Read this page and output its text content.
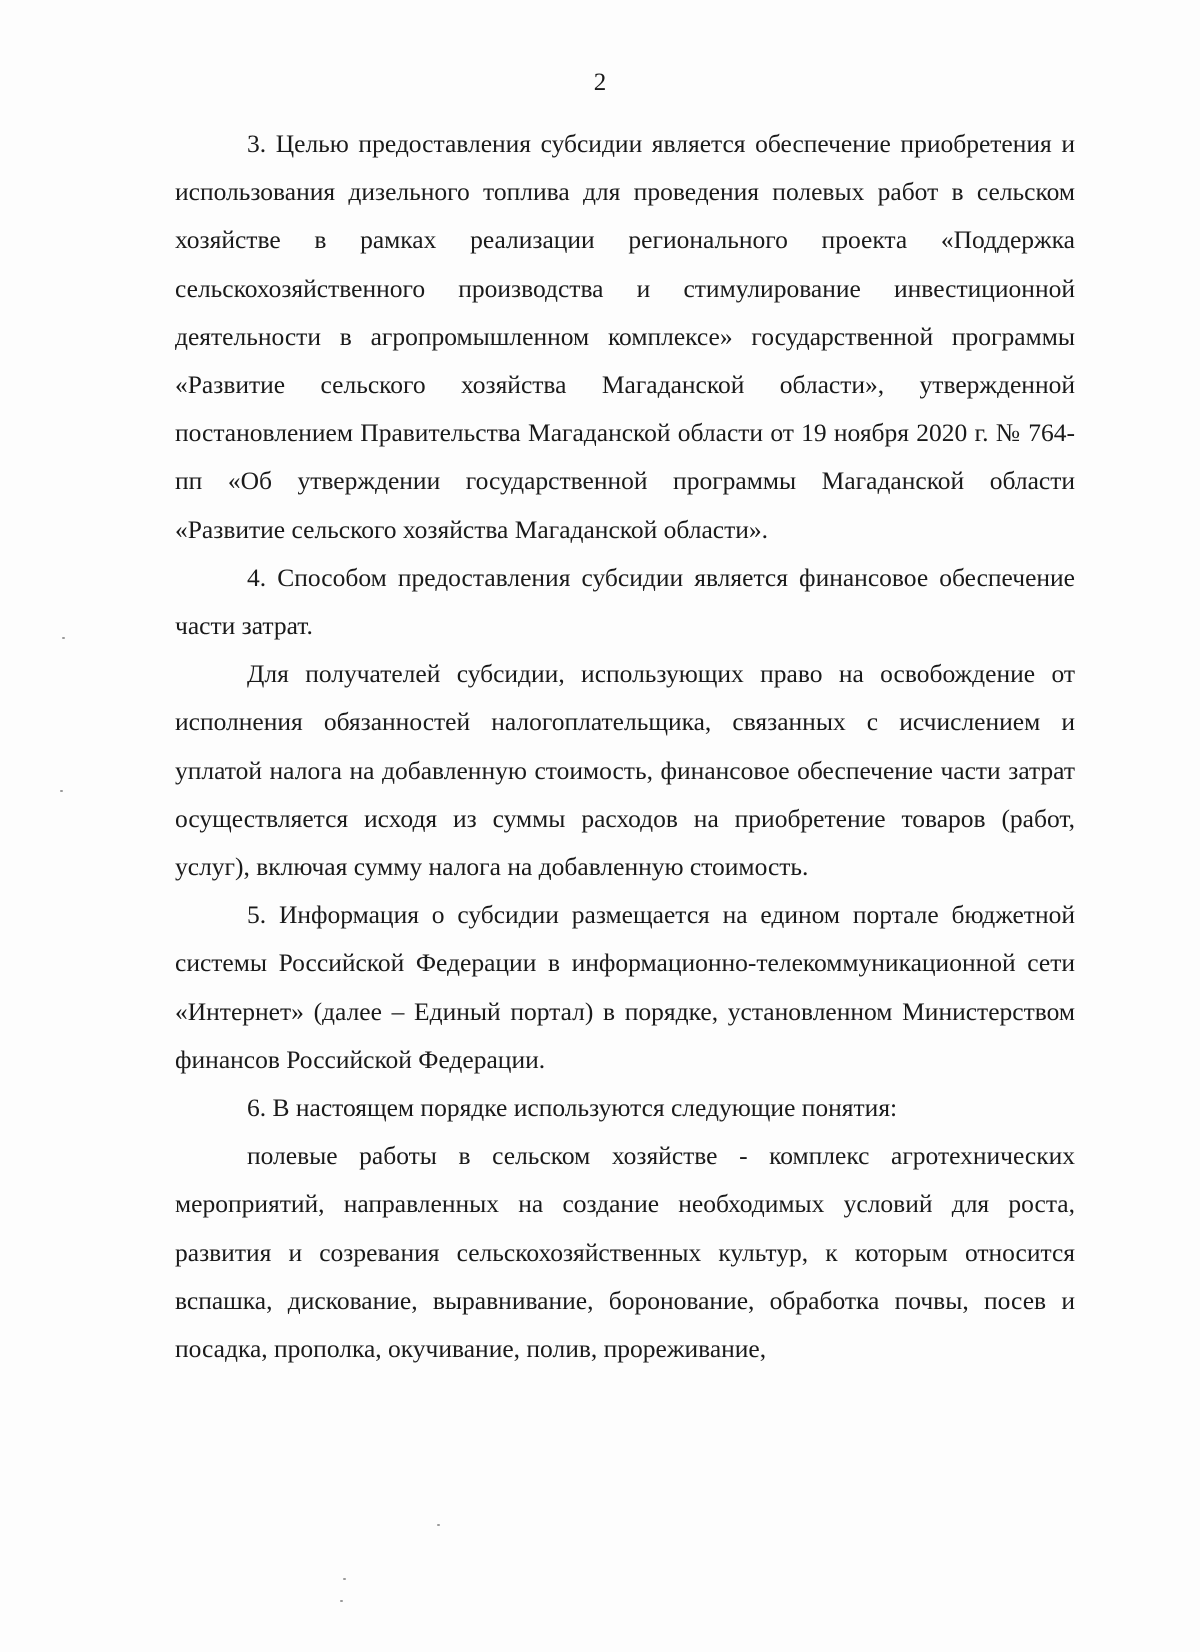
2

3. Целью предоставления субсидии является обеспечение приобретения и использования дизельного топлива для проведения полевых работ в сельском хозяйстве в рамках реализации регионального проекта «Поддержка сельскохозяйственного производства и стимулирование инвестиционной деятельности в агропромышленном комплексе» государственной программы «Развитие сельского хозяйства Магаданской области», утвержденной постановлением Правительства Магаданской области от 19 ноября 2020 г. № 764-пп «Об утверждении государственной программы Магаданской области «Развитие сельского хозяйства Магаданской области».

4. Способом предоставления субсидии является финансовое обеспечение части затрат.

Для получателей субсидии, использующих право на освобождение от исполнения обязанностей налогоплательщика, связанных с исчислением и уплатой налога на добавленную стоимость, финансовое обеспечение части затрат осуществляется исходя из суммы расходов на приобретение товаров (работ, услуг), включая сумму налога на добавленную стоимость.

5. Информация о субсидии размещается на едином портале бюджетной системы Российской Федерации в информационно-телекоммуникационной сети «Интернет» (далее – Единый портал) в порядке, установленном Министерством финансов Российской Федерации.

6. В настоящем порядке используются следующие понятия:

полевые работы в сельском хозяйстве - комплекс агротехнических мероприятий, направленных на создание необходимых условий для роста, развития и созревания сельскохозяйственных культур, к которым относится вспашка, дискование, выравнивание, боронование, обработка почвы, посев и посадка, прополка, окучивание, полив, прореживание,
